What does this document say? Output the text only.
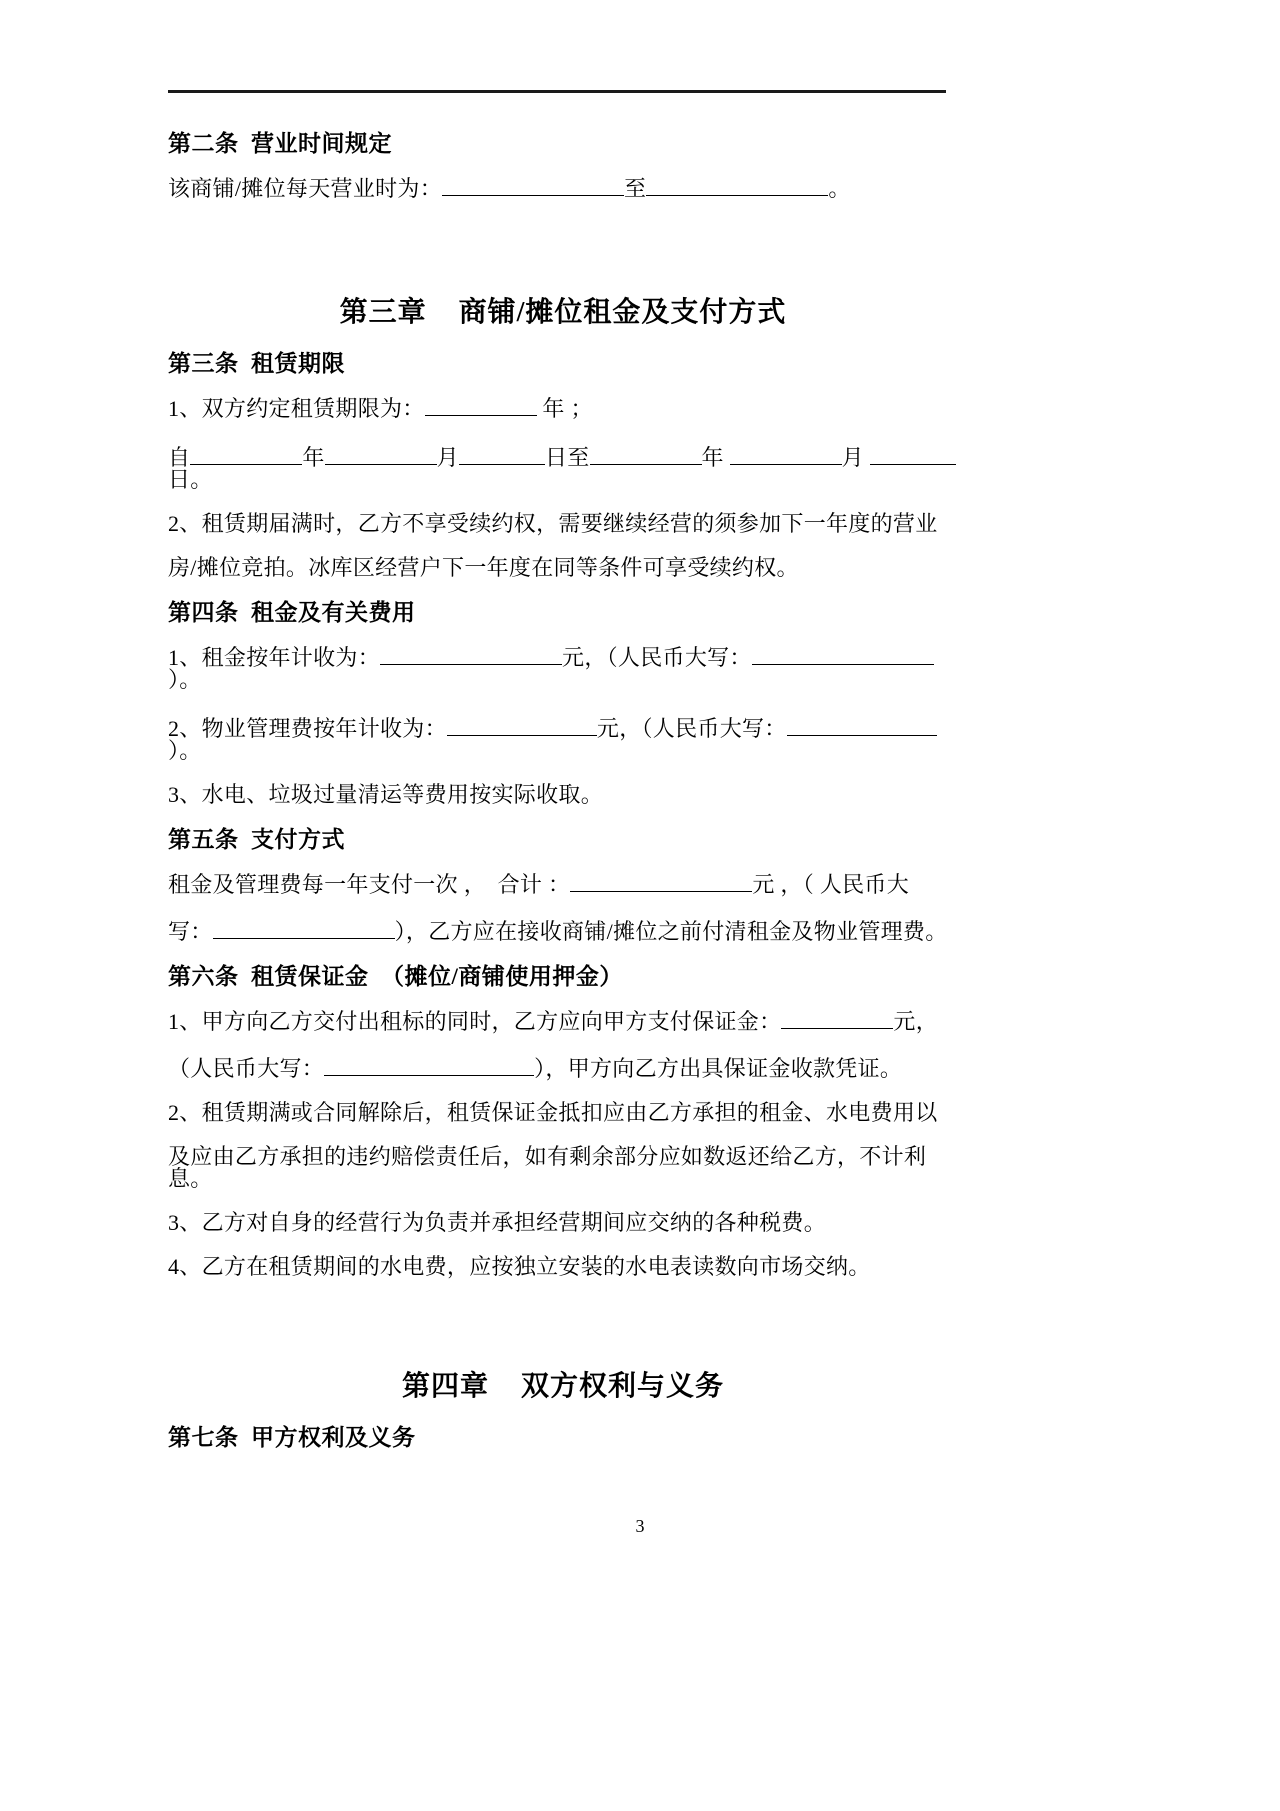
第二条  营业时间规定
该商铺/摊位每天营业时为：	至	。
第三章    商铺/摊位租金及支付方式
第三条  租赁期限
1、双方约定租赁期限为：	年 ；
自	年	月	日至	年	月 日。
2、租赁期届满时，乙方不享受续约权，需要继续经营的须参加下一年度的营业
房/摊位竞拍。冰库区经营户下一年度在同等条件可享受续约权。
第四条  租金及有关费用
1、租金按年计收为：	元，（人民币大写：）。
2、物业管理费按年计收为：	元，（人民币大写：）。
3、水电、垃圾过量清运等费用按实际收取。
第五条  支付方式
租金及管理费每一年支付一次 ，  合计 ：	元 ，（ 人民币大
写：	），乙方应在接收商铺/摊位之前付清租金及物业管理费。
第六条  租赁保证金  （摊位/商铺使用押金）
1、甲方向乙方交付出租标的同时，乙方应向甲方支付保证金：	元，
（人民币大写：	），甲方向乙方出具保证金收款凭证。
2、租赁期满或合同解除后，租赁保证金抵扣应由乙方承担的租金、水电费用以
及应由乙方承担的违约赔偿责任后，如有剩余部分应如数返还给乙方，不计利息。
3、乙方对自身的经营行为负责并承担经营期间应交纳的各种税费。
4、乙方在租赁期间的水电费，应按独立安装的水电表读数向市场交纳。
第四章    双方权利与义务
第七条  甲方权利及义务
3
